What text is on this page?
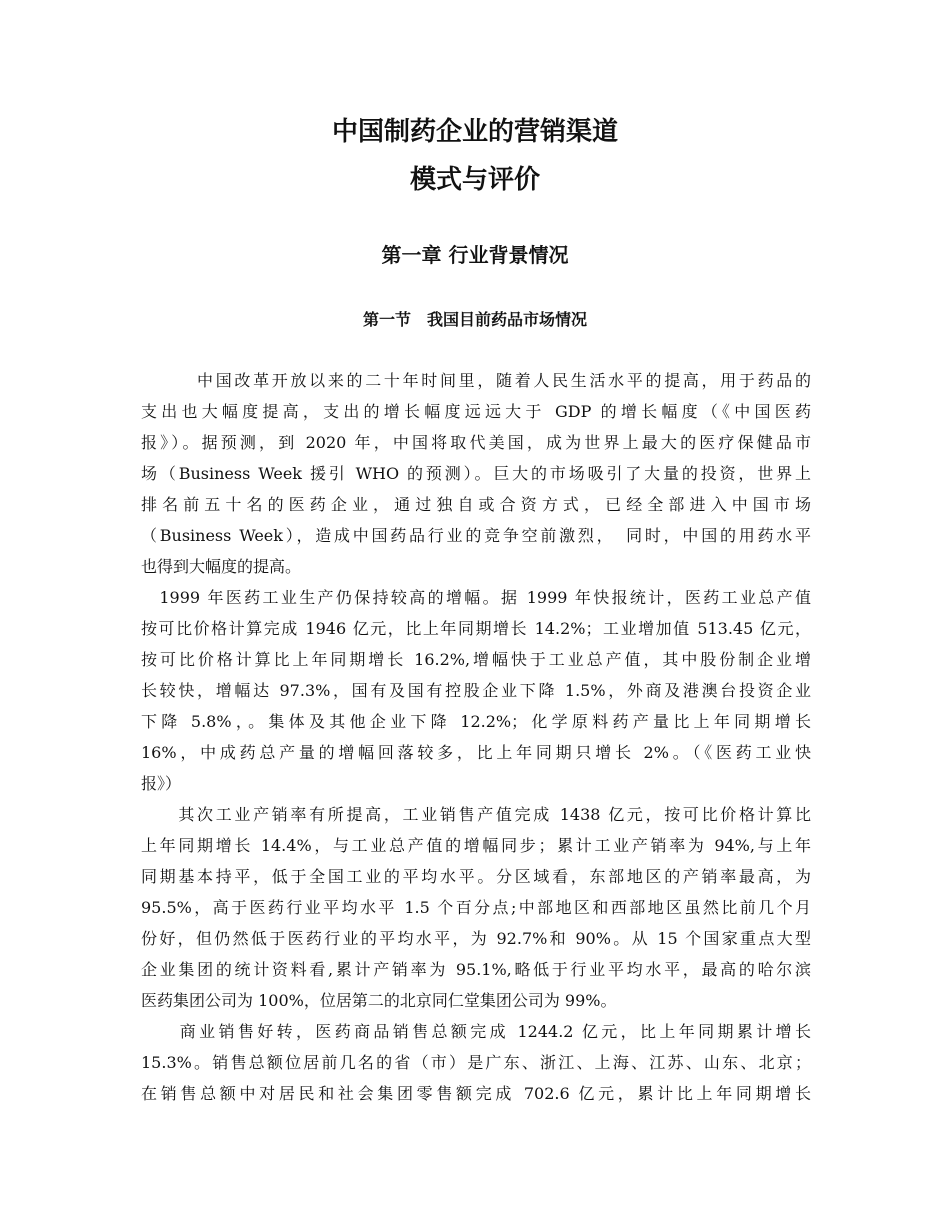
中国制药企业的营销渠道
模式与评价
第一章 行业背景情况
第一节　我国目前药品市场情况
　　　中国改革开放以来的二十年时间里，随着人民生活水平的提高，用于药品的
支出也大幅度提高，支出的增长幅度远远大于 GDP 的增长幅度（《中国医药
报》）。据预测，到 2020 年，中国将取代美国，成为世界上最大的医疗保健品市
场（Business Week 援引 WHO 的预测）。巨大的市场吸引了大量的投资，世界上
排名前五十名的医药企业，通过独自或合资方式，已经全部进入中国市场
（Business Week），造成中国药品行业的竞争空前激烈，　同时，中国的用药水平
也得到大幅度的提高。
　1999 年医药工业生产仍保持较高的增幅。据 1999 年快报统计，医药工业总产值
按可比价格计算完成 1946 亿元，比上年同期增长 14.2%；工业增加值 513.45 亿元，
按可比价格计算比上年同期增长 16.2%,增幅快于工业总产值，其中股份制企业增
长较快，增幅达 97.3%，国有及国有控股企业下降 1.5%，外商及港澳台投资企业
下降 5.8%，。集体及其他企业下降 12.2%；化学原料药产量比上年同期增长
16%，中成药总产量的增幅回落较多，比上年同期只增长 2%。（《医药工业快
报》）
　　其次工业产销率有所提高，工业销售产值完成 1438 亿元，按可比价格计算比
上年同期增长 14.4%，与工业总产值的增幅同步；累计工业产销率为 94%,与上年
同期基本持平，低于全国工业的平均水平。分区域看，东部地区的产销率最高，为
95.5%，高于医药行业平均水平 1.5 个百分点;中部地区和西部地区虽然比前几个月
份好，但仍然低于医药行业的平均水平，为 92.7%和 90%。从 15 个国家重点大型
企业集团的统计资料看,累计产销率为 95.1%,略低于行业平均水平，最高的哈尔滨
医药集团公司为 100%，位居第二的北京同仁堂集团公司为 99%。
　　商业销售好转，医药商品销售总额完成 1244.2 亿元，比上年同期累计增长
15.3%。销售总额位居前几名的省（市）是广东、浙江、上海、江苏、山东、北京；
在销售总额中对居民和社会集团零售额完成 702.6 亿元，累计比上年同期增长
